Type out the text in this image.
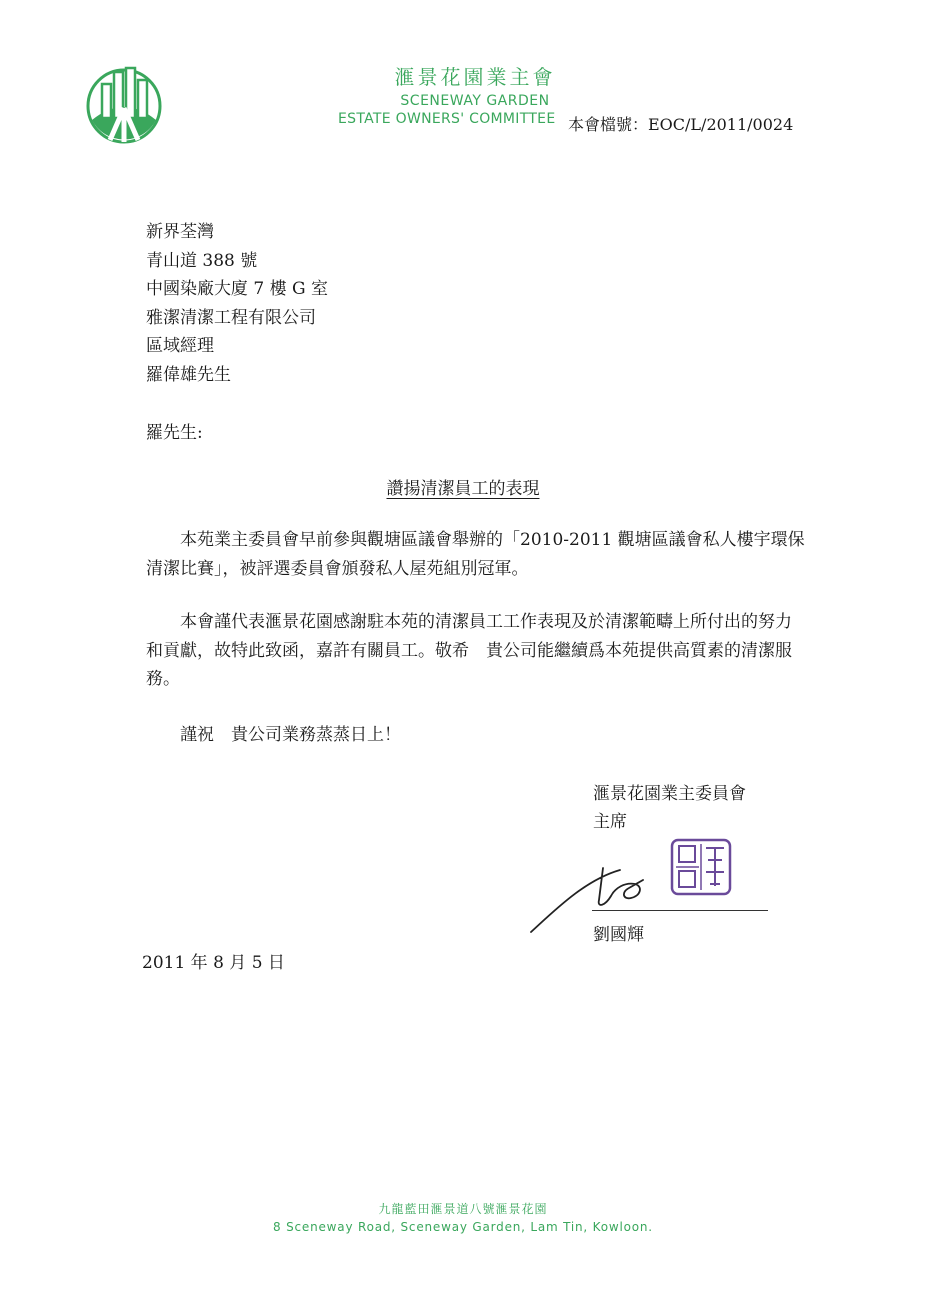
滙景花園業主會
SCENEWAY GARDEN
ESTATE OWNERS' COMMITTEE 本會檔號：EOC/L/2011/0024
新界荃灣
青山道 388 號
中國染廠大廈 7 樓 G 室
雅潔清潔工程有限公司
區域經理
羅偉雄先生
羅先生:
讚揚清潔員工的表現
本苑業主委員會早前參與觀塘區議會舉辦的「2010-2011 觀塘區議會私人樓宇環保清潔比賽」，被評選委員會頒發私人屋苑組別冠軍。
本會謹代表滙景花園感謝駐本苑的清潔員工工作表現及於清潔範疇上所付出的努力和貢獻，故特此致函，嘉許有關員工。敬希　貴公司能繼續爲本苑提供高質素的清潔服務。
謹祝　貴公司業務蒸蒸日上！
滙景花園業主委員會
主席
劉國輝
2011 年 8 月 5 日
九龍藍田滙景道八號滙景花園
8 Sceneway Road, Sceneway Garden, Lam Tin, Kowloon.
